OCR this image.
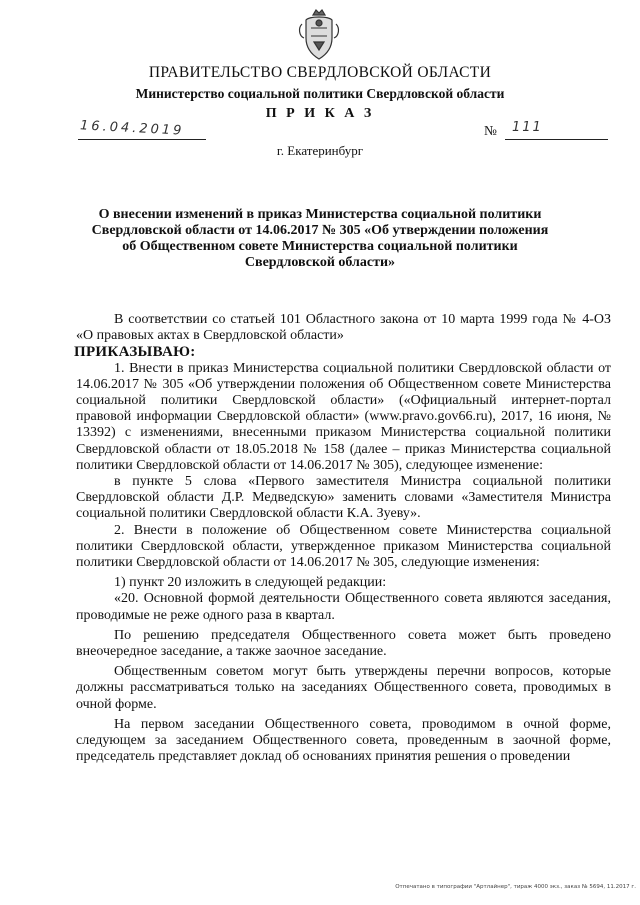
ПРАВИТЕЛЬСТВО СВЕРДЛОВСКОЙ ОБЛАСТИ
Министерство социальной политики Свердловской области
П Р И К А З
16.04.2019	№ 111
г. Екатеринбург
О внесении изменений в приказ Министерства социальной политики
Свердловской области от 14.06.2017 № 305 «Об утверждении положения
об Общественном совете Министерства социальной политики
Свердловской области»

В соответствии со статьей 101 Областного закона от 10 марта 1999 года № 4-ОЗ «О правовых актах в Свердловской области»

ПРИКАЗЫВАЮ:

1. Внести в приказ Министерства социальной политики Свердловской области от 14.06.2017 № 305 «Об утверждении положения об Общественном совете Министерства социальной политики Свердловской области» («Официальный интернет-портал правовой информации Свердловской области» (www.pravo.gov66.ru), 2017, 16 июня, № 13392) с изменениями, внесенными приказом Министерства социальной политики Свердловской области от 18.05.2018 № 158 (далее – приказ Министерства социальной политики Свердловской области от 14.06.2017 № 305), следующее изменение:

в пункте 5 слова «Первого заместителя Министра социальной политики Свердловской области Д.Р. Медведскую» заменить словами «Заместителя Министра социальной политики Свердловской области К.А. Зуеву».

2. Внести в положение об Общественном совете Министерства социальной политики Свердловской области, утвержденное приказом Министерства социальной политики Свердловской области от 14.06.2017 № 305, следующие изменения:

1) пункт 20 изложить в следующей редакции:

«20. Основной формой деятельности Общественного совета являются заседания, проводимые не реже одного раза в квартал.

По решению председателя Общественного совета может быть проведено внеочередное заседание, а также заочное заседание.

Общественным советом могут быть утверждены перечни вопросов, которые должны рассматриваться только на заседаниях Общественного совета, проводимых в очной форме.

На первом заседании Общественного совета, проводимом в очной форме, следующем за заседанием Общественного совета, проведенным в заочной форме, председатель представляет доклад об основаниях принятия решения о проведении

Отпечатано в типографии "Артлайнер", тираж 4000 экз., заказ № 5694, 11.2017 г.
